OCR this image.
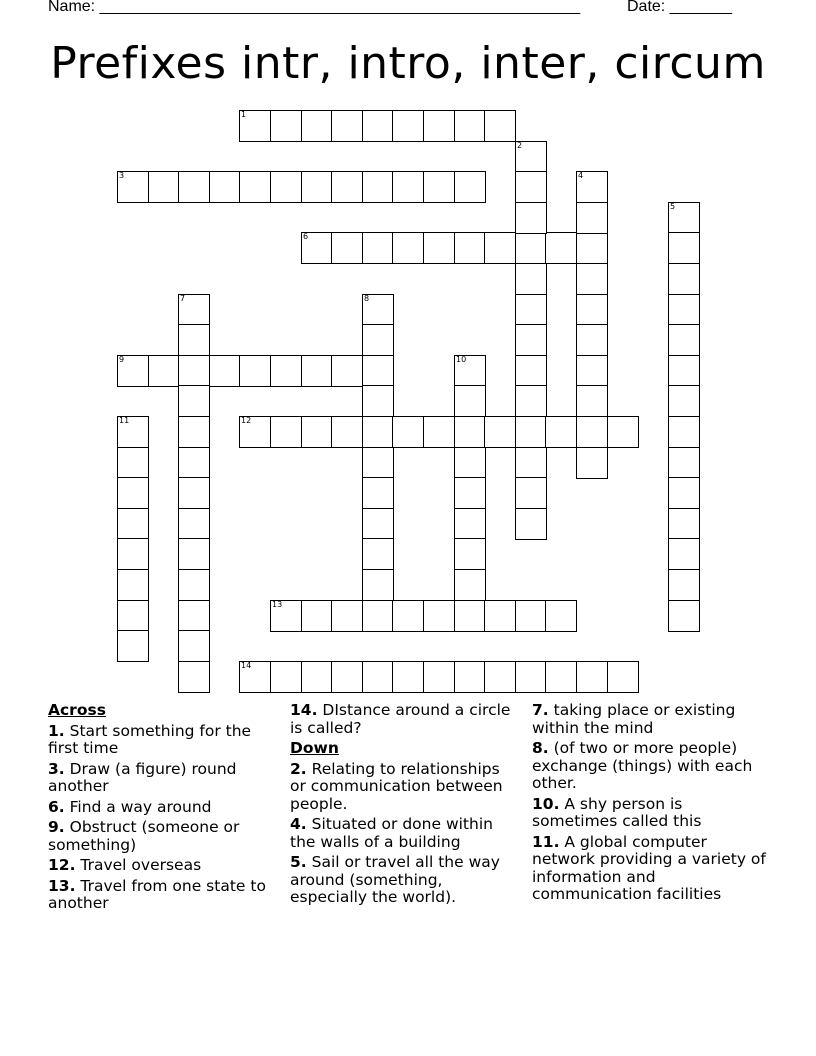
Name: ______________________________________________________	Date: _______
Prefixes intr, intro, inter, circum
1
3
6
9
12
13
14
2
4
5
7	8
10
11
Across
1. Start something for the first time
3. Draw (a figure) round another
6. Find a way around
9. Obstruct (someone or something)
12. Travel overseas
13. Travel from one state to another
14. DIstance around a circle is called?
Down
2. Relating to relationships or communication between people.
4. Situated or done within the walls of a building
5. Sail or travel all the way around (something, especially the world).
7. taking place or existing within the mind
8. (of two or more people) exchange (things) with each other.
10. A shy person is sometimes called this
11. A global computer network providing a variety of information and communication facilities
